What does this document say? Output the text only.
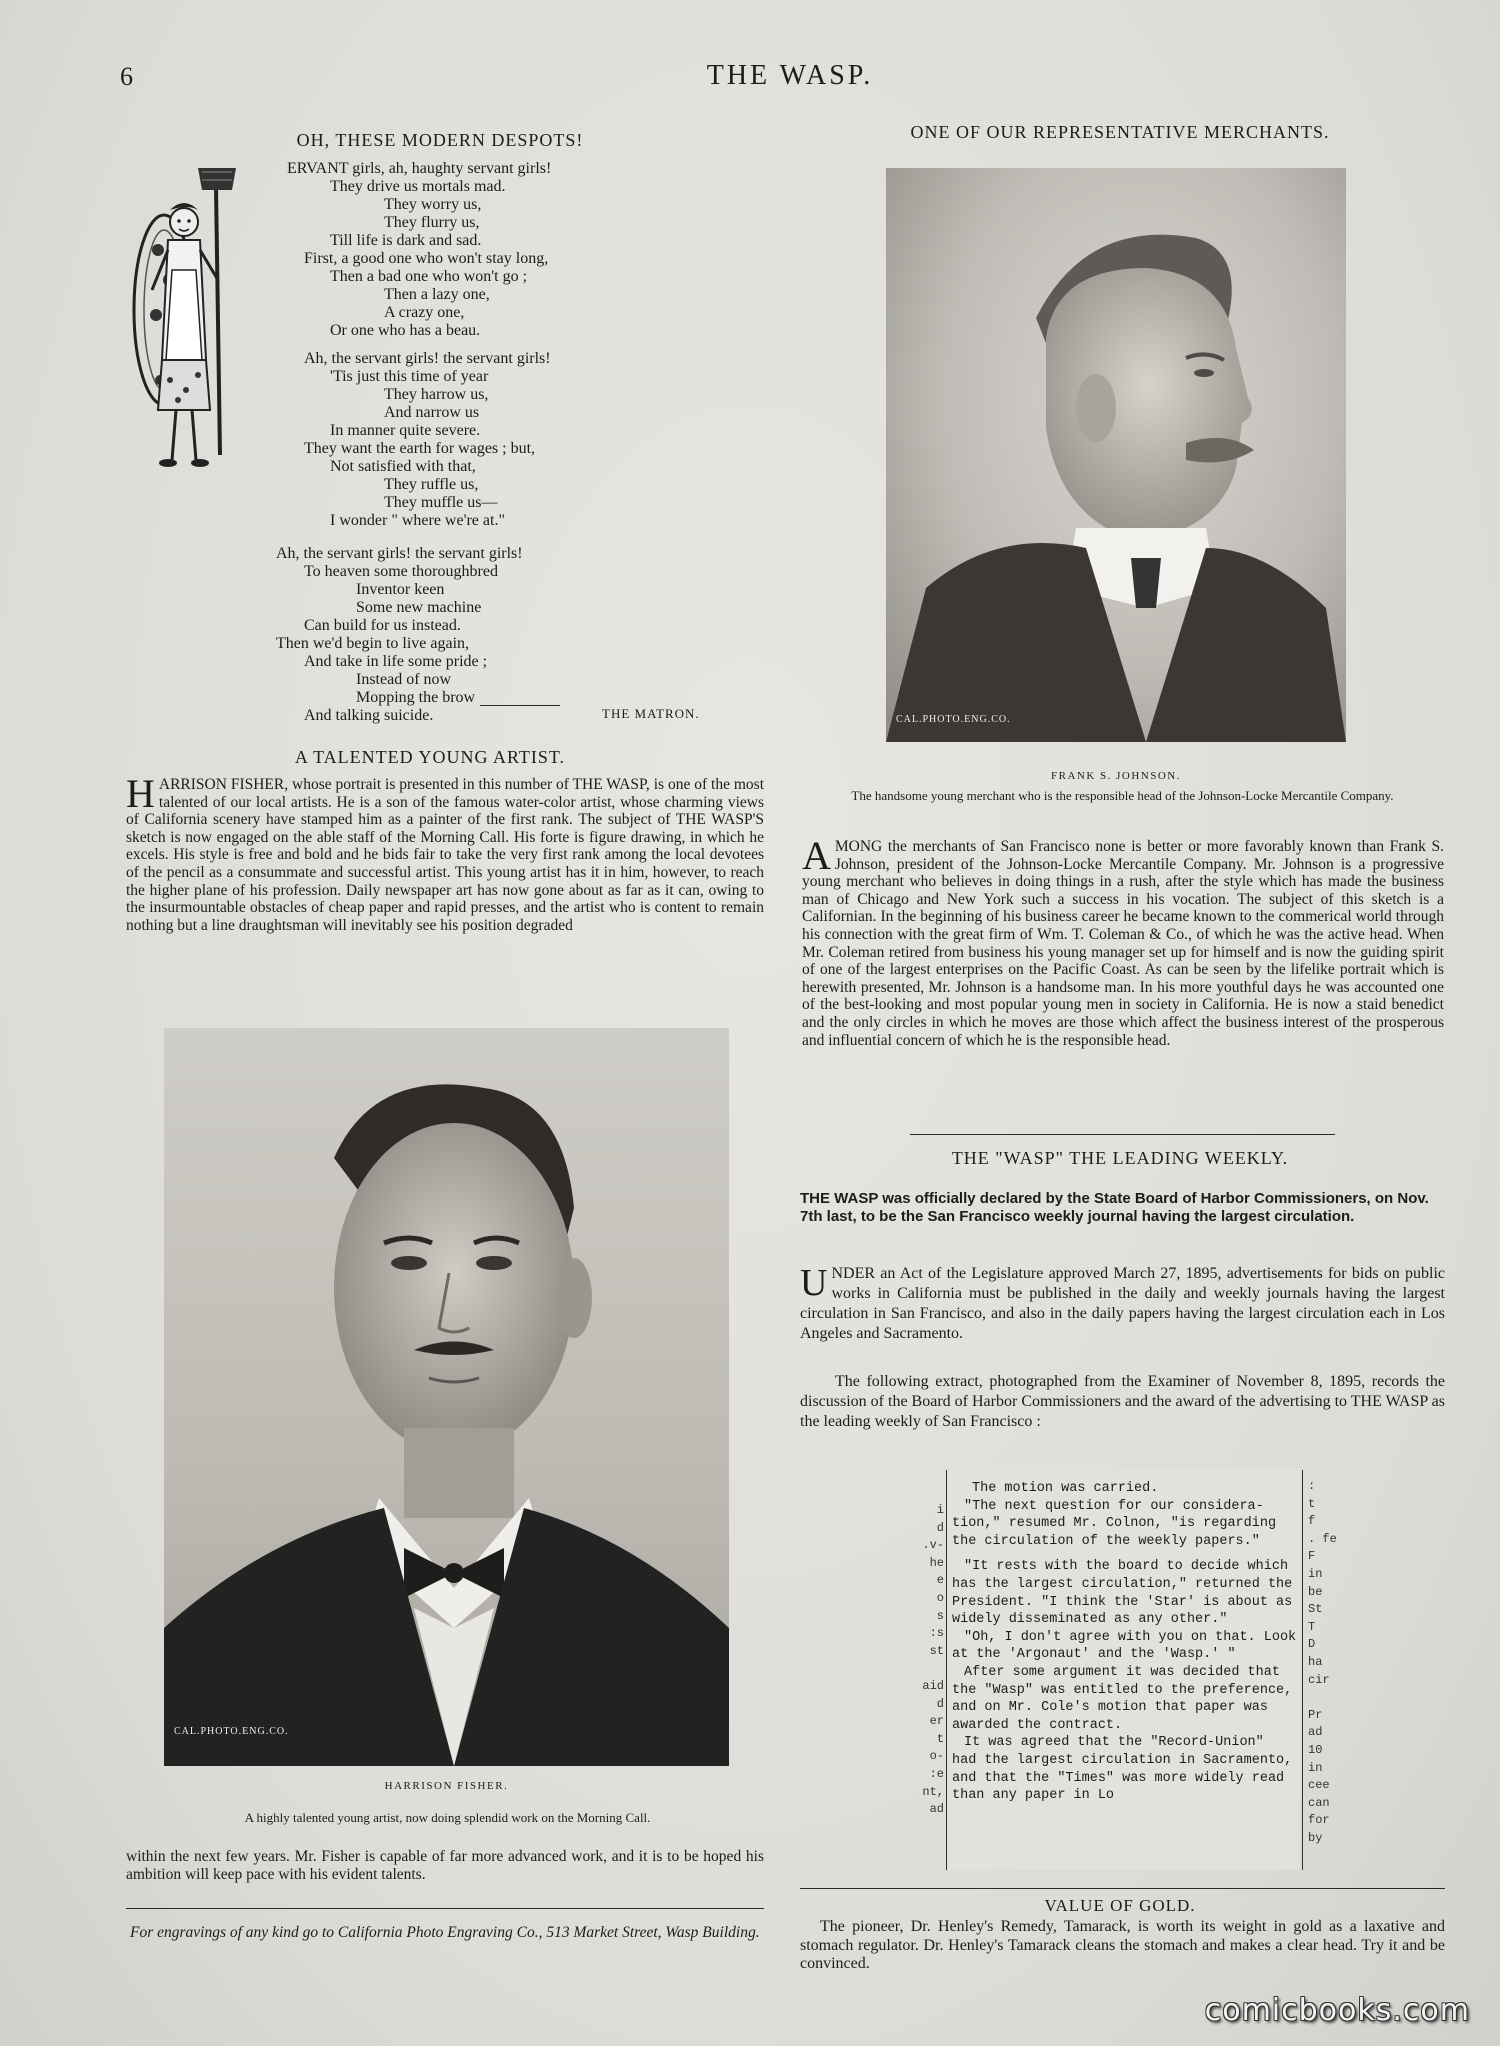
6	THE WASP.
OH, THESE MODERN DESPOTS!
ERVANT girls, ah, haughty servant girls!
They drive us mortals mad.
They worry us,
They flurry us,
Till life is dark and sad.
First, a good one who won't stay long,
Then a bad one who won't go ;
Then a lazy one,
A crazy one,
Or one who has a beau.
Ah, the servant girls! the servant girls!
'Tis just this time of year
They harrow us,
And narrow us
In manner quite severe.
They want the earth for wages ; but,
Not satisfied with that,
They ruffle us,
They muffle us—
I wonder " where we're at."
Ah, the servant girls! the servant girls!
To heaven some thoroughbred
Inventor keen
Some new machine
Can build for us instead.
Then we'd begin to live again,
And take in life some pride ;
Instead of now
Mopping the brow
And talking suicide.	THE MATRON.
A TALENTED YOUNG ARTIST.
HARRISON FISHER, whose portrait is presented in this number of THE WASP, is one of the most talented of our local artists. He is a son of the famous water-color artist, whose charming views of California scenery have stamped him as a painter of the first rank. The subject of THE WASP'S sketch is now engaged on the able staff of the Morning Call. His forte is figure drawing, in which he excels. His style is free and bold and he bids fair to take the very first rank among the local devotees of the pencil as a consummate and successful artist. This young artist has it in him, however, to reach the higher plane of his profession. Daily newspaper art has now gone about as far as it can, owing to the insurmountable obstacles of cheap paper and rapid presses, and the artist who is content to remain nothing but a line draughtsman will inevitably see his position degraded
CAL.PHOTO.ENG.CO.
HARRISON FISHER.
A highly talented young artist, now doing splendid work on the Morning Call.
within the next few years. Mr. Fisher is capable of far more advanced work, and it is to be hoped his ambition will keep pace with his evident talents.
For engravings of any kind go to California Photo Engraving Co., 513 Market Street, Wasp Building.
ONE OF OUR REPRESENTATIVE MERCHANTS.
CAL.PHOTO.ENG.CO.
FRANK S. JOHNSON.
The handsome young merchant who is the responsible head of the Johnson-Locke Mercantile Company.
AMONG the merchants of San Francisco none is better or more favorably known than Frank S. Johnson, president of the Johnson-Locke Mercantile Company. Mr. Johnson is a progressive young merchant who believes in doing things in a rush, after the style which has made the business man of Chicago and New York such a success in his vocation. The subject of this sketch is a Californian. In the beginning of his business career he became known to the commerical world through his connection with the great firm of Wm. T. Coleman & Co., of which he was the active head. When Mr. Coleman retired from business his young manager set up for himself and is now the guiding spirit of one of the largest enterprises on the Pacific Coast. As can be seen by the lifelike portrait which is herewith presented, Mr. Johnson is a handsome man. In his more youthful days he was accounted one of the best-looking and most popular young men in society in California. He is now a staid benedict and the only circles in which he moves are those which affect the business interest of the prosperous and influential concern of which he is the responsible head.
THE "WASP" THE LEADING WEEKLY.
THE WASP was officially declared by the State Board of Harbor Commissioners, on Nov. 7th last, to be the San Francisco weekly journal having the largest circulation.
UNDER an Act of the Legislature approved March 27, 1895, advertisements for bids on public works in California must be published in the daily and weekly journals having the largest circulation in San Francisco, and also in the daily papers having the largest circulation each in Los Angeles and Sacramento.
The following extract, photographed from the Examiner of November 8, 1895, records the discussion of the Board of Harbor Commissioners and the award of the advertising to THE WASP as the leading weekly of San Francisco :
The motion was carried.
"The next question for our considera-
tion," resumed Mr. Colnon, "is regarding
the circulation of the weekly papers."
"It rests with the board to decide which
has the largest circulation," returned the
President. "I think the 'Star' is about as
widely disseminated as any other."
"Oh, I don't agree with you on that. Look
at the 'Argonaut' and the 'Wasp.' "
After some argument it was decided that
the "Wasp" was entitled to the preference,
and on Mr. Cole's motion that paper was
awarded the contract.
It was agreed that the "Record-Union"
had the largest circulation in Sacramento,
and that the "Times" was more widely read
than any paper in Lo
i
d
.v-
he
e
o
s
:s
st
aid
d
er
t
o-
:e
nt,
ad
:
t
f
. fe
F
in
be
St
T
D
ha
cir
Pr
ad
10
in
cee
can
for
by
VALUE OF GOLD.
The pioneer, Dr. Henley's Remedy, Tamarack, is worth its weight in gold as a laxative and stomach regulator. Dr. Henley's Tamarack cleans the stomach and makes a clear head. Try it and be convinced.
comicbooks.com
